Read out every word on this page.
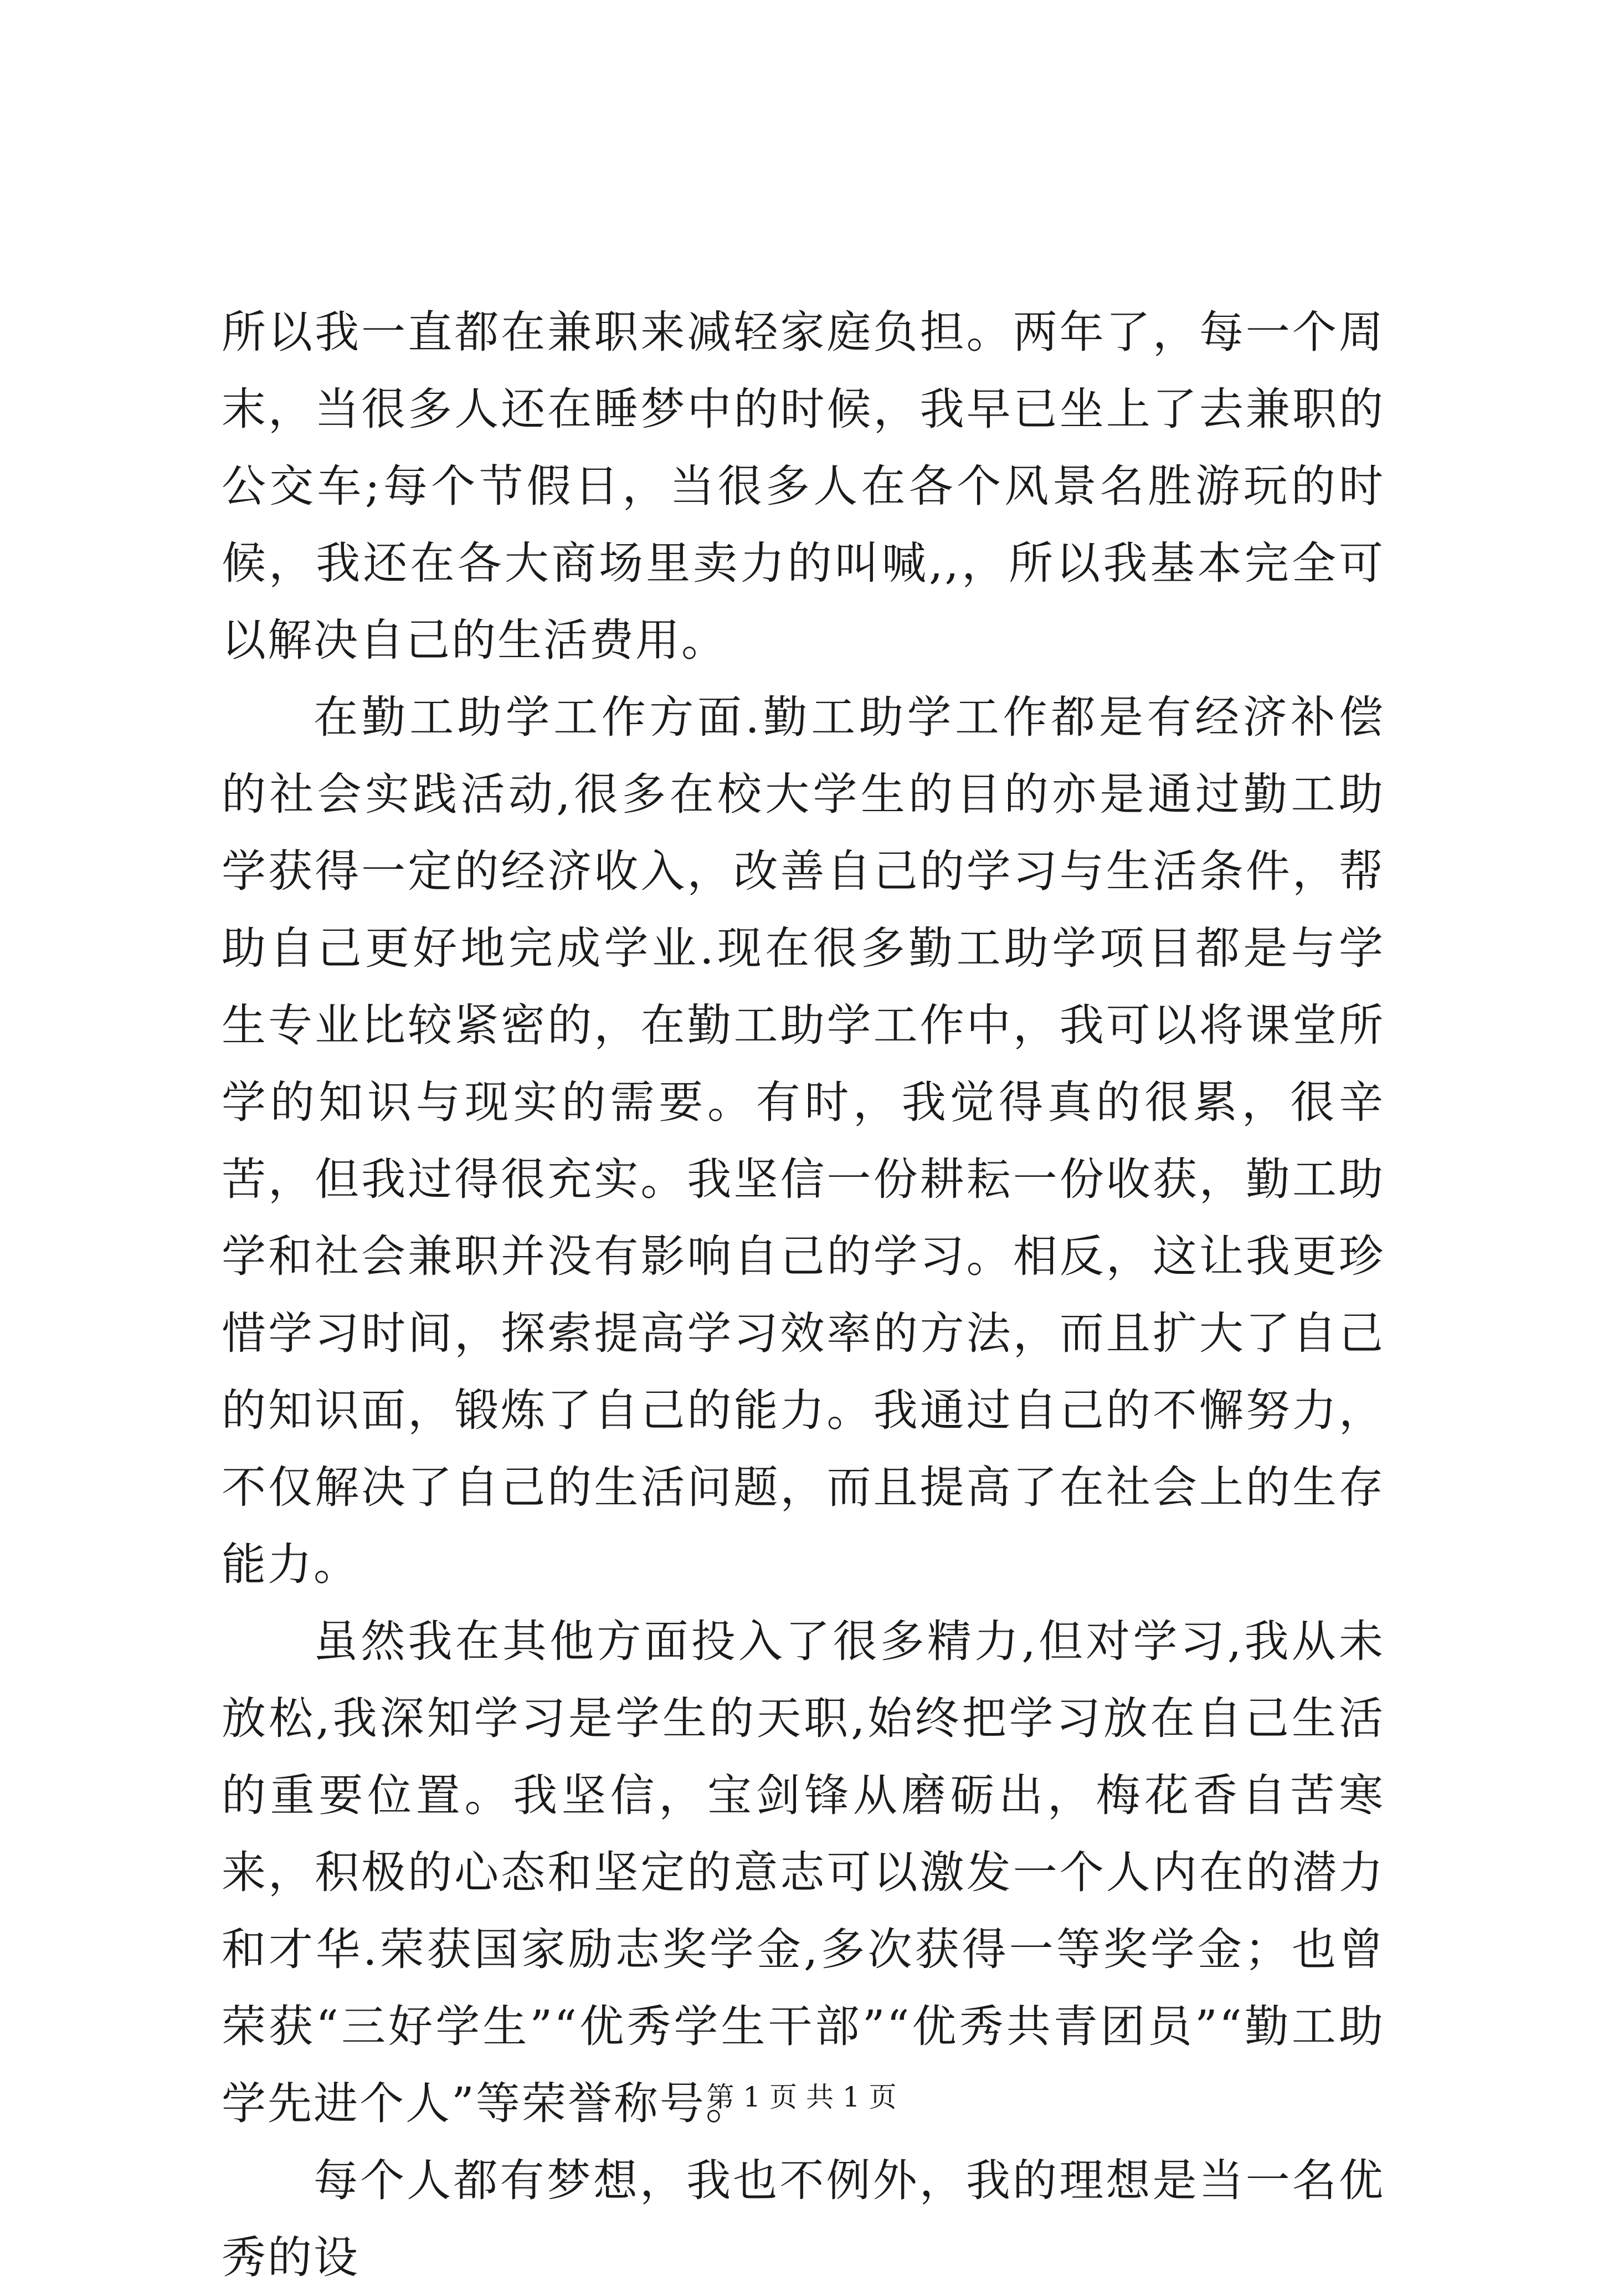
所以我一直都在兼职来减轻家庭负担。两年了，每一个周末，当很多人还在睡梦中的时候，我早已坐上了去兼职的公交车;每个节假日，当很多人在各个风景名胜游玩的时候，我还在各大商场里卖力的叫喊,,，所以我基本完全可以解决自己的生活费用。

在勤工助学工作方面.勤工助学工作都是有经济补偿的社会实践活动,很多在校大学生的目的亦是通过勤工助学获得一定的经济收入，改善自己的学习与生活条件，帮助自己更好地完成学业.现在很多勤工助学项目都是与学生专业比较紧密的，在勤工助学工作中，我可以将课堂所学的知识与现实的需要。有时，我觉得真的很累，很辛苦，但我过得很充实。我坚信一份耕耘一份收获，勤工助学和社会兼职并没有影响自己的学习。相反，这让我更珍惜学习时间，探索提高学习效率的方法，而且扩大了自己的知识面，锻炼了自己的能力。我通过自己的不懈努力，不仅解决了自己的生活问题，而且提高了在社会上的生存能力。

虽然我在其他方面投入了很多精力,但对学习,我从未放松,我深知学习是学生的天职,始终把学习放在自己生活的重要位置。我坚信，宝剑锋从磨砺出，梅花香自苦寒来，积极的心态和坚定的意志可以激发一个人内在的潜力和才华.荣获国家励志奖学金,多次获得一等奖学金；也曾荣获“三好学生”“优秀学生干部”“优秀共青团员”“勤工助学先进个人”等荣誉称号。

每个人都有梦想，我也不例外，我的理想是当一名优秀的设

第 1 页 共 1 页
